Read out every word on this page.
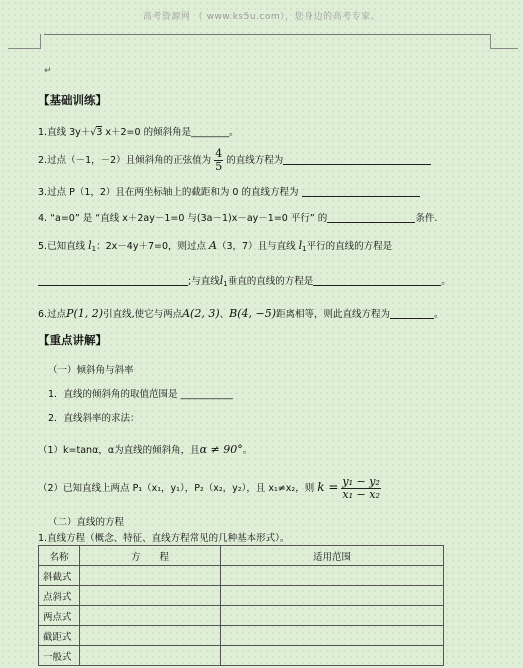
高考资源网 （ www.ks5u.com），您身边的高考专家。
↵
【基础训练】
1.直线 3y＋√3 x＋2=0 的倾斜角是________。
2.过点（－1，－2）且倾斜角的正弦值为 $\frac{4}{5}$ 的直线方程为
3.过点 P（1，2）且在两坐标轴上的截距和为 0 的直线方程为
4. “a=0” 是 “直线 x＋2ay－1=0 与(3a－1)x－ay－1=0 平行” 的	条件.
5.已知直线 $l_1$：2x－4y＋7=0，则过点 A（3，7）且与直线 $l_1$平行的直线的方程是
;与直线$l_1$垂直的直线的方程是	。
6.过点P(1, 2)引直线,使它与两点A(2, 3)、B(4, −5)距离相等，则此直线方程为	。
【重点讲解】
（一）倾斜角与斜率
1．直线的倾斜角的取值范围是 ___________
2．直线斜率的求法：
（1）k=tanα，α为直线的倾斜角，且α ≠ 90°。
（2）已知直线上两点 P₁（x₁，y₁），P₂（x₂，y₂），且 x₁≠x₂，则 $k = \frac{\text{y₁ − y₂}}{\text{x₁ − x₂}}$
（二）直线的方程
1.直线方程（概念、特征、直线方程常见的几种基本形式）。
名称	方　　程	适用范围
斜截式		
点斜式		
两点式		
截距式		
一般式		
